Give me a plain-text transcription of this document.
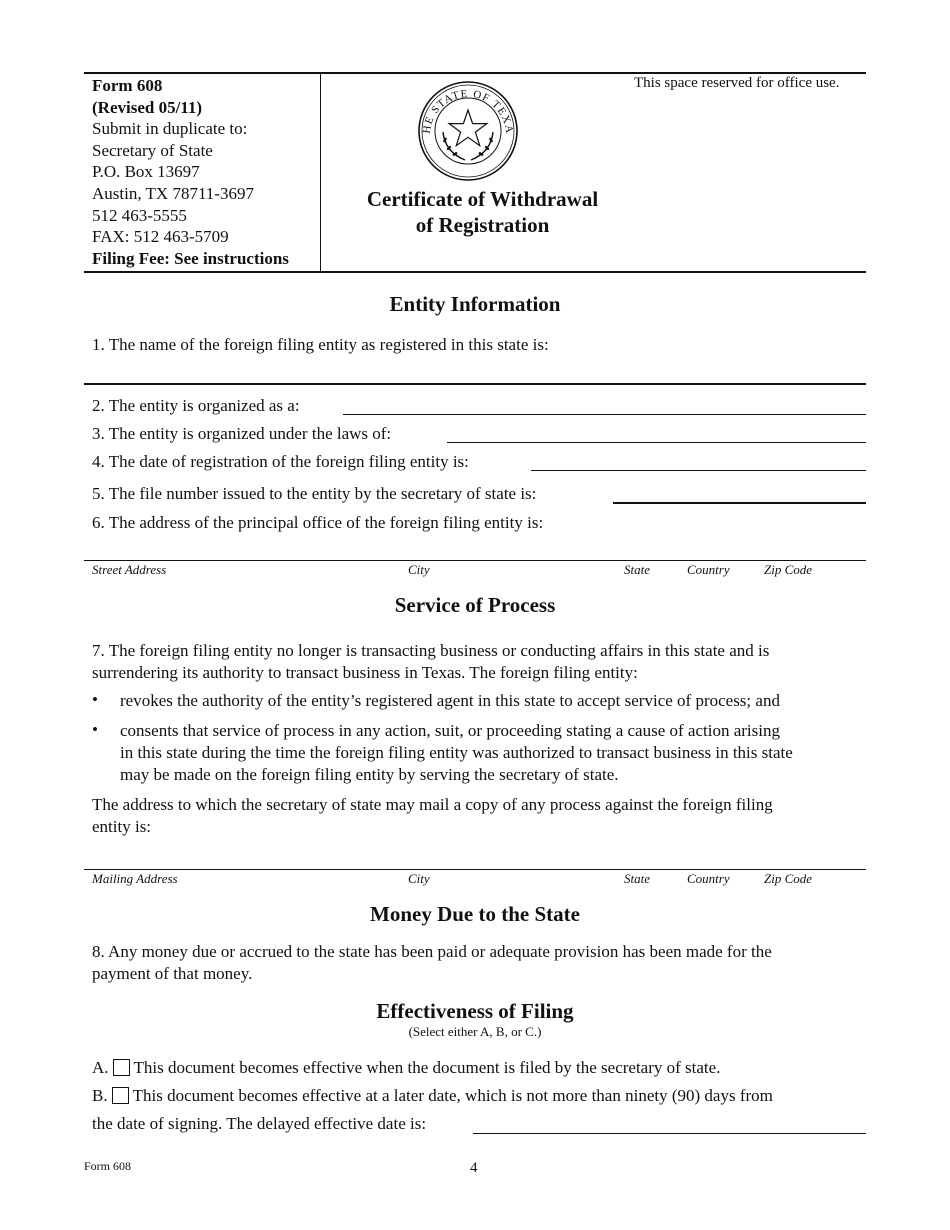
Form 608
(Revised 05/11)
Submit in duplicate to:
Secretary of State
P.O. Box 13697
Austin, TX 78711-3697
512 463-5555
FAX: 512 463-5709
Filing Fee: See instructions
HE STATE OF TEXA
Certificate of Withdrawal
of Registration
This space reserved for office use.
Entity Information
1. The name of the foreign filing entity as registered in this state is:
2. The entity is organized as a:
3. The entity is organized under the laws of:
4. The date of registration of the foreign filing entity is:
5. The file number issued to the entity by the secretary of state is:
6. The address of the principal office of the foreign filing entity is:
Street Address	City	State	Country	Zip Code
Service of Process
7. The foreign filing entity no longer is transacting business or conducting affairs in this state and is
surrendering its authority to transact business in Texas. The foreign filing entity:
• revokes the authority of the entity’s registered agent in this state to accept service of process; and
• consents that service of process in any action, suit, or proceeding stating a cause of action arising
in this state during the time the foreign filing entity was authorized to transact business in this state
may be made on the foreign filing entity by serving the secretary of state.
The address to which the secretary of state may mail a copy of any process against the foreign filing
entity is:
Mailing Address	City	State	Country	Zip Code
Money Due to the State
8. Any money due or accrued to the state has been paid or adequate provision has been made for the
payment of that money.
Effectiveness of Filing
(Select either A, B, or C.)
A. This document becomes effective when the document is filed by the secretary of state.
B. This document becomes effective at a later date, which is not more than ninety (90) days from
the date of signing. The delayed effective date is:
Form 608	4
